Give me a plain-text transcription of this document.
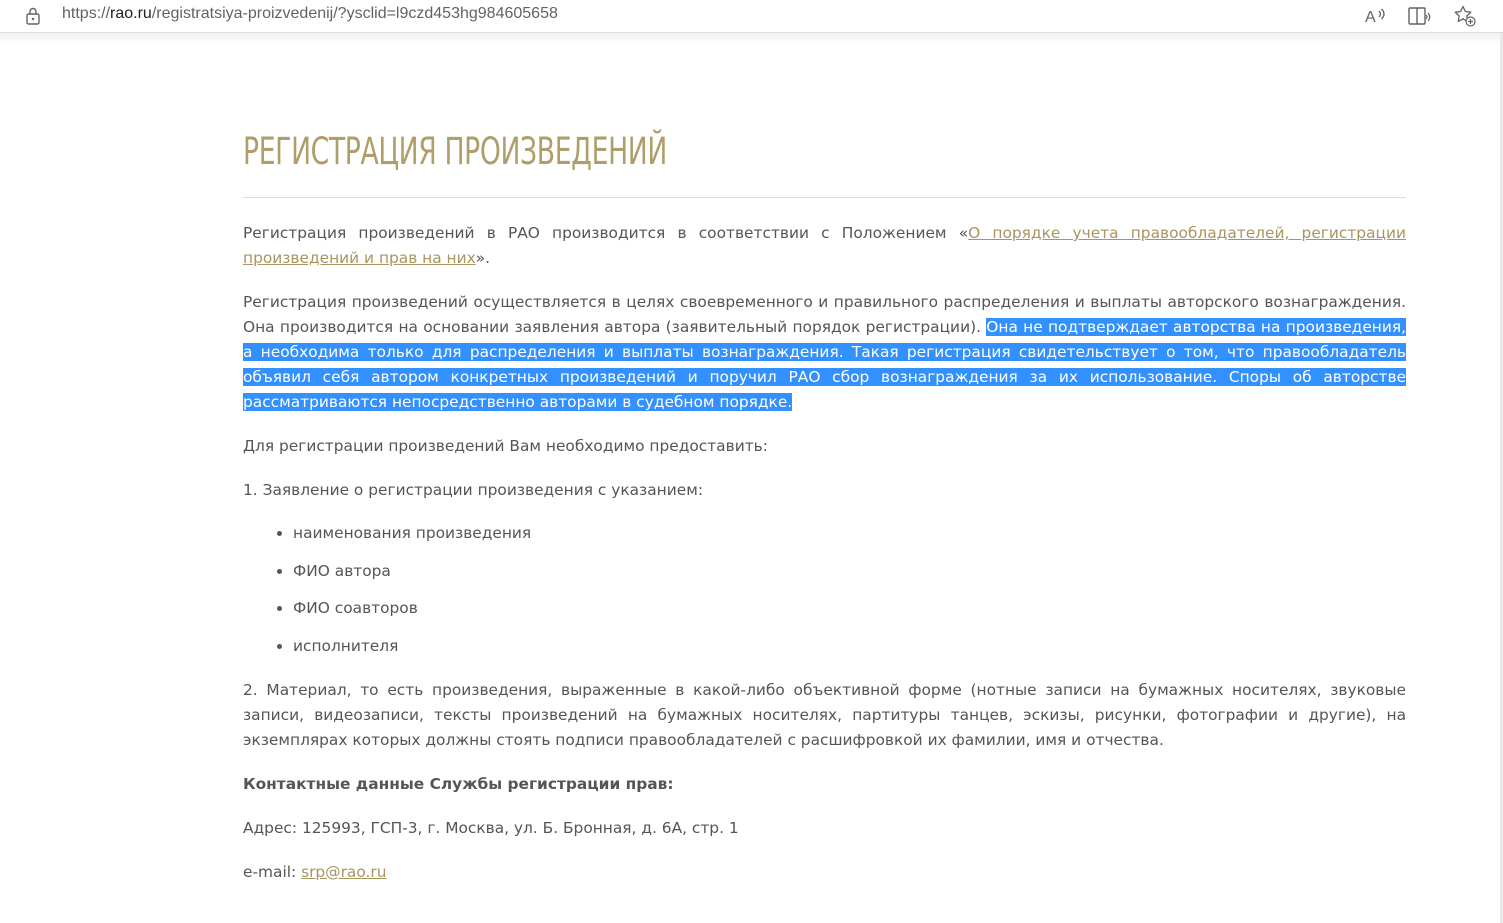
https://rao.ru/registratsiya-proizvedenij/?ysclid=l9czd453hg984605658	A
РЕГИСТРАЦИЯ ПРОИЗВЕДЕНИЙ

Регистрация произведений в РАО производится в соответствии с Положением «О порядке учета правообладателей, регистрации произведений и прав на них».

Регистрация произведений осуществляется в целях своевременного и правильного распределения и выплаты авторского вознаграждения. Она производится на основании заявления автора (заявительный порядок регистрации). Она не подтверждает авторства на произведения, а необходима только для распределения и выплаты вознаграждения. Такая регистрация свидетельствует о том, что правообладатель объявил себя автором конкретных произведений и поручил РАО сбор вознаграждения за их использование. Споры об авторстве рассматриваются непосредственно авторами в судебном порядке.

Для регистрации произведений Вам необходимо предоставить:

1. Заявление о регистрации произведения с указанием:

• наименования произведения
• ФИО автора
• ФИО соавторов
• исполнителя

2. Материал, то есть произведения, выраженные в какой-либо объективной форме (нотные записи на бумажных носителях, звуковые записи, видеозаписи, тексты произведений на бумажных носителях, партитуры танцев, эскизы, рисунки, фотографии и другие), на экземплярах которых должны стоять подписи правообладателей с расшифровкой их фамилии, имя и отчества.

Контактные данные Службы регистрации прав:

Адрес: 125993, ГСП-3, г. Москва, ул. Б. Бронная, д. 6А, стр. 1

e-mail: srp@rao.ru
